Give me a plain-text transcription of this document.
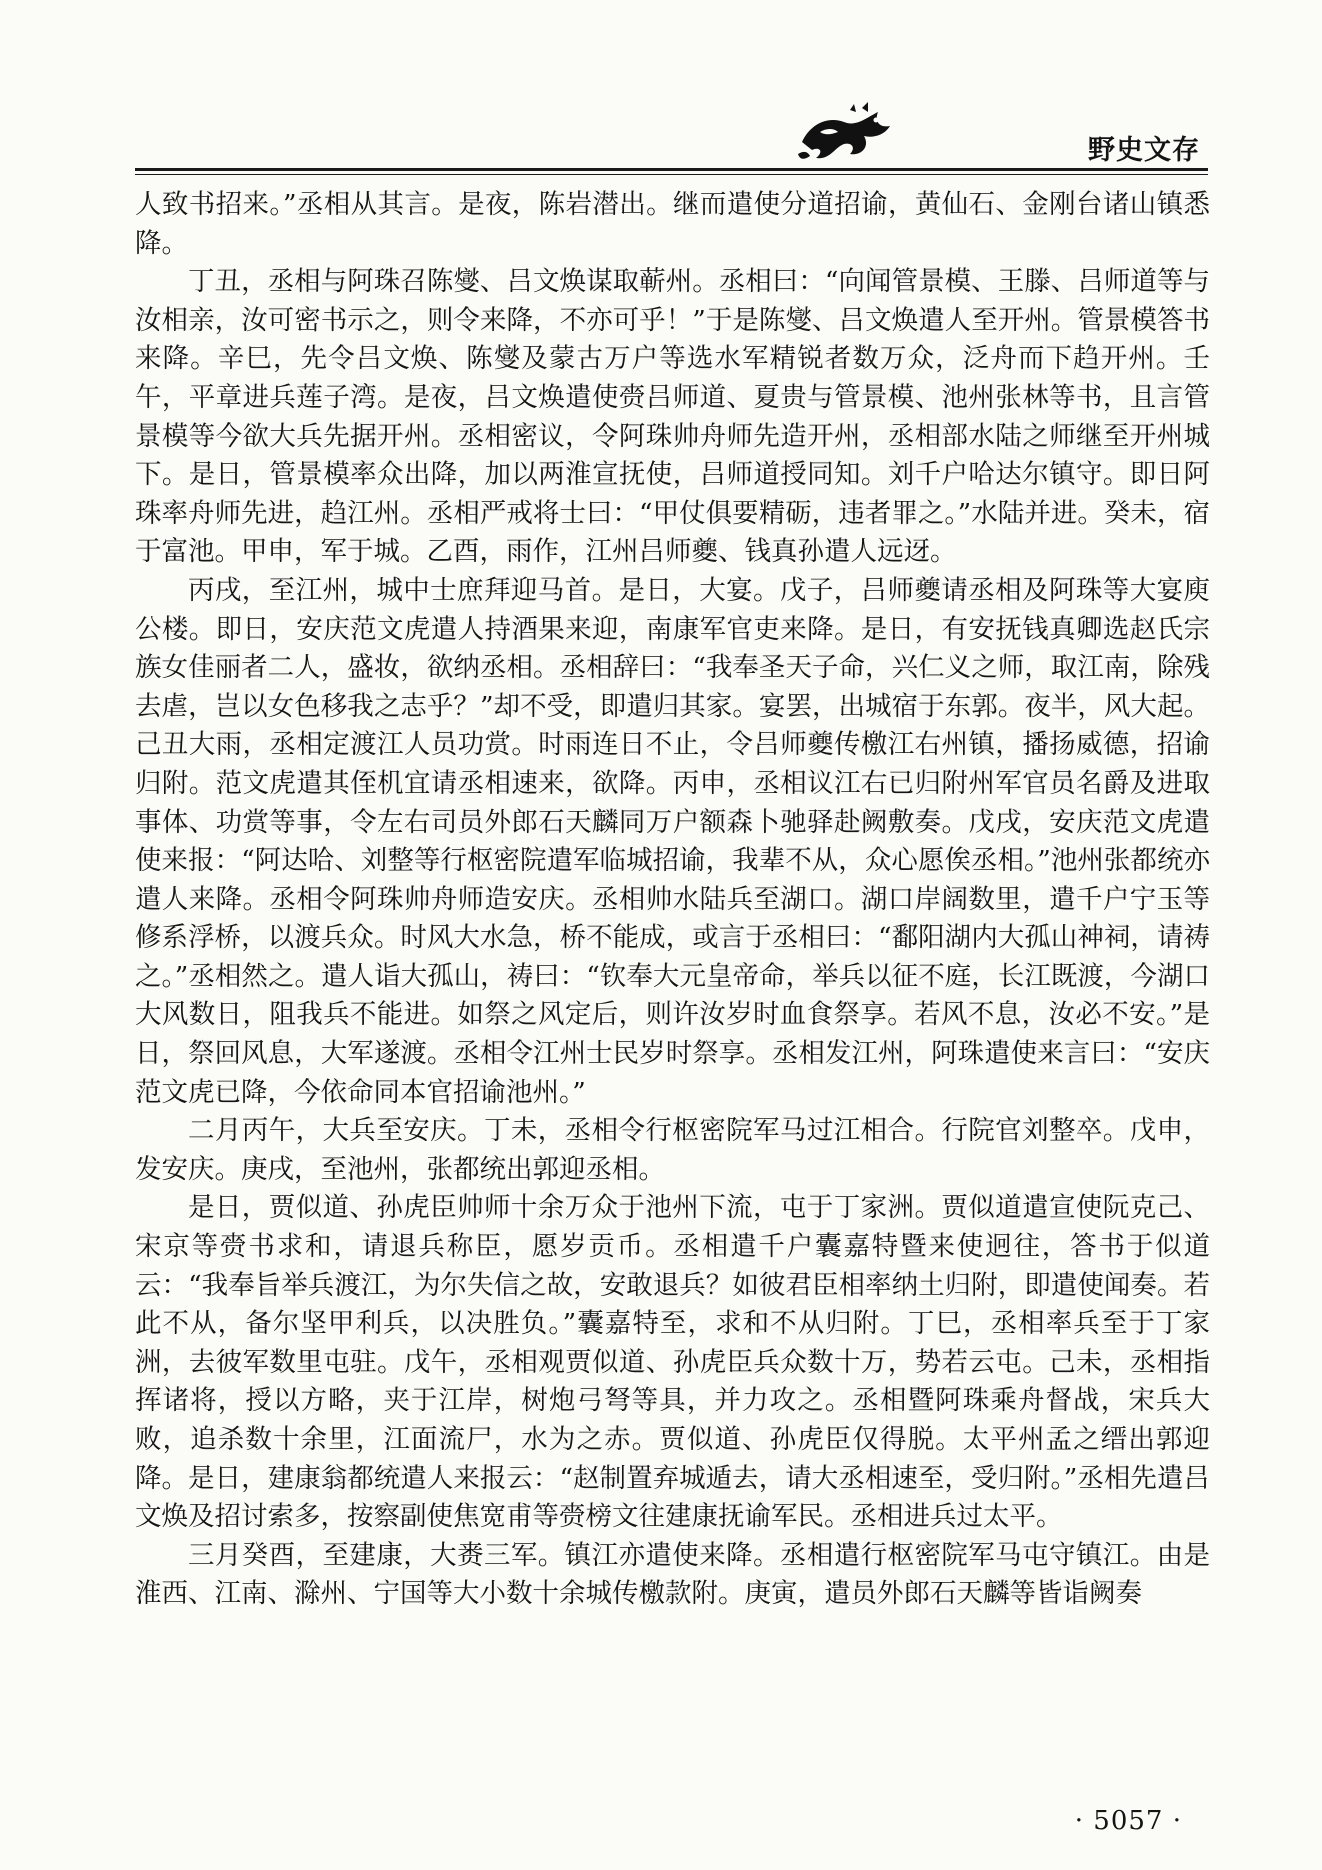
野史文存

人致书招来。”丞相从其言。是夜，陈岩潜出。继而遣使分道招谕，黄仙石、金刚台诸山镇悉降。

丁丑，丞相与阿珠召陈燮、吕文焕谋取蕲州。丞相曰：“向闻管景模、王滕、吕师道等与汝相亲，汝可密书示之，则令来降，不亦可乎！”于是陈燮、吕文焕遣人至开州。管景模答书来降。辛巳，先令吕文焕、陈燮及蒙古万户等选水军精锐者数万众，泛舟而下趋开州。壬午，平章进兵莲子湾。是夜，吕文焕遣使赍吕师道、夏贵与管景模、池州张林等书，且言管景模等今欲大兵先据开州。丞相密议，令阿珠帅舟师先造开州，丞相部水陆之师继至开州城下。是日，管景模率众出降，加以两淮宣抚使，吕师道授同知。刘千户哈达尔镇守。即日阿珠率舟师先进，趋江州。丞相严戒将士曰：“甲仗俱要精砺，违者罪之。”水陆并进。癸未，宿于富池。甲申，军于城。乙酉，雨作，江州吕师夔、钱真孙遣人远迓。

丙戌，至江州，城中士庶拜迎马首。是日，大宴。戊子，吕师夔请丞相及阿珠等大宴庾公楼。即日，安庆范文虎遣人持酒果来迎，南康军官吏来降。是日，有安抚钱真卿选赵氏宗族女佳丽者二人，盛妆，欲纳丞相。丞相辞曰：“我奉圣天子命，兴仁义之师，取江南，除残去虐，岂以女色移我之志乎？”却不受，即遣归其家。宴罢，出城宿于东郭。夜半，风大起。己丑大雨，丞相定渡江人员功赏。时雨连日不止，令吕师夔传檄江右州镇，播扬威德，招谕归附。范文虎遣其侄机宜请丞相速来，欲降。丙申，丞相议江右已归附州军官员名爵及进取事体、功赏等事，令左右司员外郎石天麟同万户额森卜驰驿赴阙敷奏。戊戌，安庆范文虎遣使来报：“阿达哈、刘整等行枢密院遣军临城招谕，我辈不从，众心愿俟丞相。”池州张都统亦遣人来降。丞相令阿珠帅舟师造安庆。丞相帅水陆兵至湖口。湖口岸阔数里，遣千户宁玉等修系浮桥，以渡兵众。时风大水急，桥不能成，或言于丞相曰：“鄱阳湖内大孤山神祠，请祷之。”丞相然之。遣人诣大孤山，祷曰：“钦奉大元皇帝命，举兵以征不庭，长江既渡，今湖口大风数日，阻我兵不能进。如祭之风定后，则许汝岁时血食祭享。若风不息，汝必不安。”是日，祭回风息，大军遂渡。丞相令江州士民岁时祭享。丞相发江州，阿珠遣使来言曰：“安庆范文虎已降，今依命同本官招谕池州。”

二月丙午，大兵至安庆。丁未，丞相令行枢密院军马过江相合。行院官刘整卒。戊申，发安庆。庚戌，至池州，张都统出郭迎丞相。

是日，贾似道、孙虎臣帅师十余万众于池州下流，屯于丁家洲。贾似道遣宣使阮克己、宋京等赍书求和，请退兵称臣，愿岁贡币。丞相遣千户囊嘉特暨来使迥往，答书于似道云：“我奉旨举兵渡江，为尔失信之故，安敢退兵？如彼君臣相率纳土归附，即遣使闻奏。若此不从，备尔坚甲利兵，以决胜负。”囊嘉特至，求和不从归附。丁巳，丞相率兵至于丁家洲，去彼军数里屯驻。戊午，丞相观贾似道、孙虎臣兵众数十万，势若云屯。己未，丞相指挥诸将，授以方略，夹于江岸，树炮弓弩等具，并力攻之。丞相暨阿珠乘舟督战，宋兵大败，追杀数十余里，江面流尸，水为之赤。贾似道、孙虎臣仅得脱。太平州孟之缙出郭迎降。是日，建康翁都统遣人来报云：“赵制置弃城遁去，请大丞相速至，受归附。”丞相先遣吕文焕及招讨索多，按察副使焦宽甫等赍榜文往建康抚谕军民。丞相进兵过太平。

三月癸酉，至建康，大赉三军。镇江亦遣使来降。丞相遣行枢密院军马屯守镇江。由是淮西、江南、滁州、宁国等大小数十余城传檄款附。庚寅，遣员外郎石天麟等皆诣阙奏

· 5057 ·
